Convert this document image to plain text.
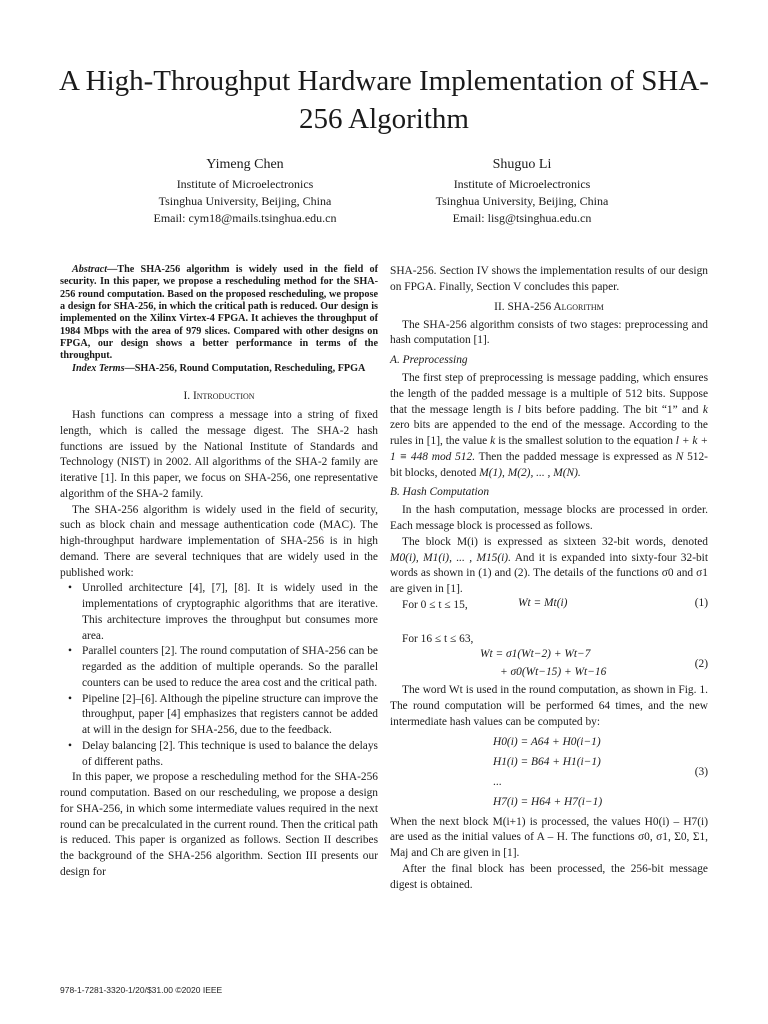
A High-Throughput Hardware Implementation of SHA-256 Algorithm
Yimeng Chen
Institute of Microelectronics
Tsinghua University, Beijing, China
Email: cym18@mails.tsinghua.edu.cn
Shuguo Li
Institute of Microelectronics
Tsinghua University, Beijing, China
Email: lisg@tsinghua.edu.cn

Abstract—The SHA-256 algorithm is widely used in the field of security. In this paper, we propose a rescheduling method for the SHA-256 round computation. Based on the proposed rescheduling, we propose a design for SHA-256, in which the critical path is reduced. Our design is implemented on the Xilinx Virtex-4 FPGA. It achieves the throughput of 1984 Mbps with the area of 979 slices. Compared with other designs on FPGA, our design shows a better performance in terms of the throughput.

Index Terms—SHA-256, Round Computation, Rescheduling, FPGA

I. Introduction

Hash functions can compress a message into a string of fixed length, which is called the message digest. The SHA-2 hash functions are issued by the National Institute of Standards and Technology (NIST) in 2002. All algorithms of the SHA-2 family are iterative [1]. In this paper, we focus on SHA-256, one representative algorithm of the SHA-2 family.

The SHA-256 algorithm is widely used in the field of security, such as block chain and message authentication code (MAC). The high-throughput hardware implementation of SHA-256 is in high demand. There are several techniques that are widely used in the published work:

• Unrolled architecture [4], [7], [8]. It is widely used in the implementations of cryptographic algorithms that are iterative. This architecture improves the throughput but consumes more area.
• Parallel counters [2]. The round computation of SHA-256 can be regarded as the addition of multiple operands. So the parallel counters can be used to reduce the area cost and the critical path.
• Pipeline [2]–[6]. Although the pipeline structure can improve the throughput, paper [4] emphasizes that registers cannot be added at will in the design for SHA-256, due to the feedback.
• Delay balancing [2]. This technique is used to balance the delays of different paths.

In this paper, we propose a rescheduling method for the SHA-256 round computation. Based on our rescheduling, we propose a design for SHA-256, in which some intermediate values required in the next round can be precalculated in the current round. Then the critical path is reduced. This paper is organized as follows. Section II describes the background of the SHA-256 algorithm. Section III presents our design for

SHA-256. Section IV shows the implementation results of our design on FPGA. Finally, Section V concludes this paper.

II. SHA-256 Algorithm

The SHA-256 algorithm consists of two stages: preprocessing and hash computation [1].

A. Preprocessing

The first step of preprocessing is message padding, which ensures the length of the padded message is a multiple of 512 bits. Suppose that the message length is l bits before padding. The bit “1” and k zero bits are appended to the end of the message. According to the rules in [1], the value k is the smallest solution to the equation l + k + 1 ≡ 448 mod 512. Then the padded message is expressed as N 512-bit blocks, denoted M(1), M(2), ... , M(N).

B. Hash Computation

In the hash computation, message blocks are processed in order. Each message block is processed as follows.

The block M(i) is expressed as sixteen 32-bit words, denoted M0(i), M1(i), ... , M15(i). And it is expanded into sixty-four 32-bit words as shown in (1) and (2). The details of the functions σ0 and σ1 are given in [1].

For 0 ≤ t ≤ 15,	Wt = Mt(i)	(1)

For 16 ≤ t ≤ 63,

Wt = σ1(Wt−2) + Wt−7
+ σ0(Wt−15) + Wt−16
(2)

The word Wt is used in the round computation, as shown in Fig. 1. The round computation will be performed 64 times, and the new intermediate hash values can be computed by:

H0(i) = A64 + H0(i−1)
H1(i) = B64 + H1(i−1)
...
H7(i) = H64 + H7(i−1)
(3)

When the next block M(i+1) is processed, the values H0(i) – H7(i) are used as the initial values of A – H. The functions σ0, σ1, Σ0, Σ1, Maj and Ch are given in [1].

After the final block has been processed, the 256-bit message digest is obtained.

978-1-7281-3320-1/20/$31.00 ©2020 IEEE
